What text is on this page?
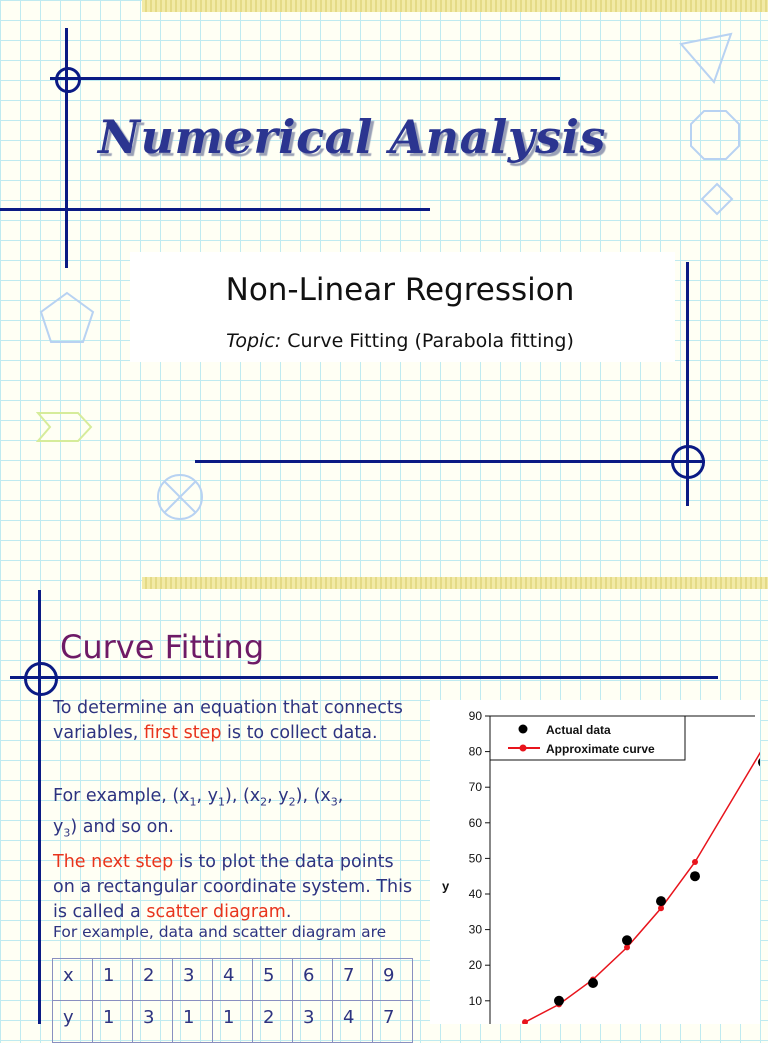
Numerical Analysis
Non-Linear Regression
Topic: Curve Fitting (Parabola fitting)
Curve Fitting
To determine an equation that connects variables, first step is to collect data.
For example, ($x_1$, $y_1$), ($x_2$, $y_2$), ($x_3$,
$y_3$) and so on.
The next step is to plot the data points on a rectangular coordinate system. This is called a scatter diagram.
For example, data and scatter diagram are
x	1	2	3	4	5	6	7	9
y	1	3	1	1	2	3	4	7
10
20
30
40
50
60
70
80
90
y
Actual data
Approximate curve
